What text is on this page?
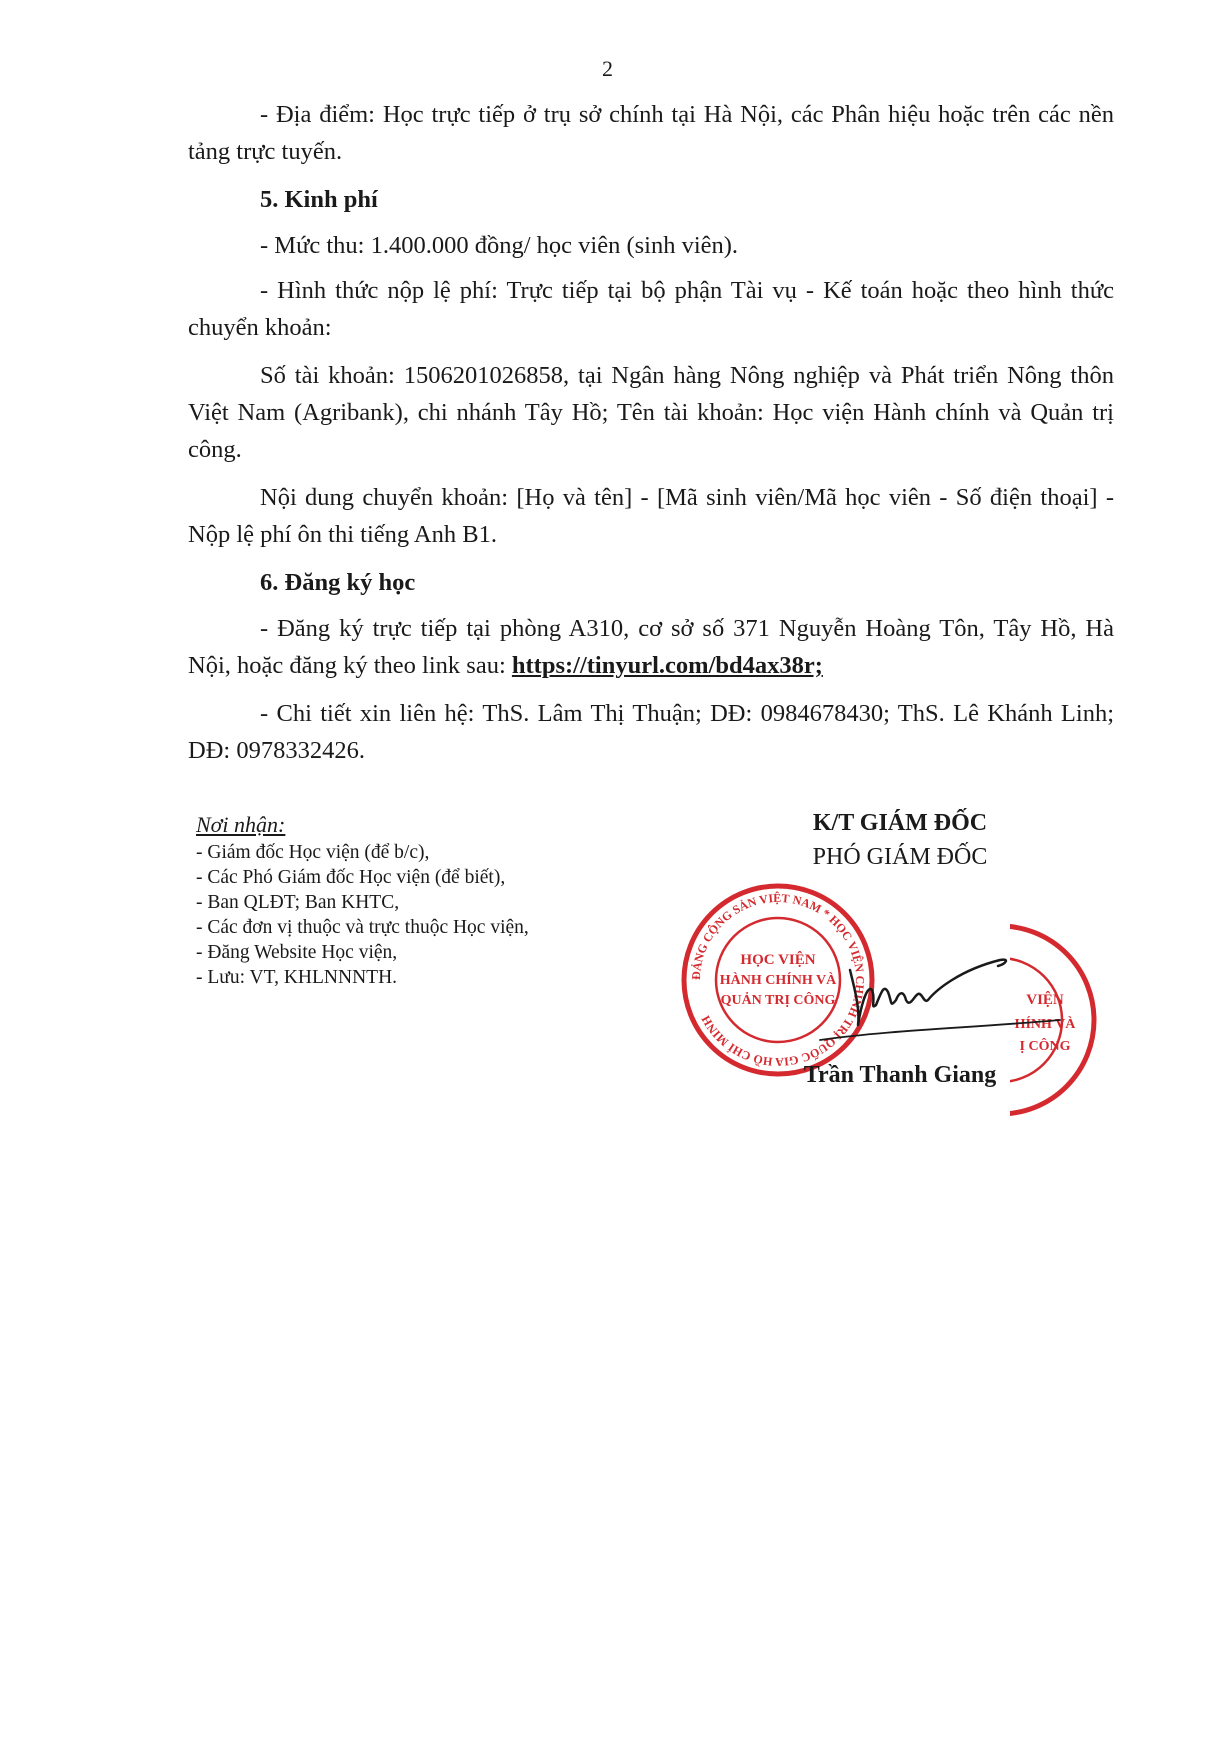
2

- Địa điểm: Học trực tiếp ở trụ sở chính tại Hà Nội, các Phân hiệu hoặc trên các nền tảng trực tuyến.

5. Kinh phí

- Mức thu: 1.400.000 đồng/ học viên (sinh viên).

- Hình thức nộp lệ phí: Trực tiếp tại bộ phận Tài vụ - Kế toán hoặc theo hình thức chuyển khoản:

Số tài khoản: 1506201026858, tại Ngân hàng Nông nghiệp và Phát triển Nông thôn Việt Nam (Agribank), chi nhánh Tây Hồ; Tên tài khoản: Học viện Hành chính và Quản trị công.

Nội dung chuyển khoản: [Họ và tên] - [Mã sinh viên/Mã học viên - Số điện thoại] - Nộp lệ phí ôn thi tiếng Anh B1.

6. Đăng ký học

- Đăng ký trực tiếp tại phòng A310, cơ sở số 371 Nguyễn Hoàng Tôn, Tây Hồ, Hà Nội, hoặc đăng ký theo link sau: https://tinyurl.com/bd4ax38r;

- Chi tiết xin liên hệ: ThS. Lâm Thị Thuận; DĐ: 0984678430; ThS. Lê Khánh Linh; DĐ: 0978332426.

Nơi nhận:
- Giám đốc Học viện (để b/c),
- Các Phó Giám đốc Học viện (để biết),
- Ban QLĐT; Ban KHTC,
- Các đơn vị thuộc và trực thuộc Học viện,
- Đăng Website Học viện,
- Lưu: VT, KHLNNNTH.	ĐẢNG CỘNG SẢN VIỆT NAM * HỌC VIỆN CHÍNH TRỊ QUỐC GIA HỒ CHÍ MINH
HỌC VIỆN
HÀNH CHÍNH VÀ
QUẢN TRỊ CÔNG	VIỆN
HÍNH VÀ
Ị CÔNG
K/T GIÁM ĐỐC
PHÓ GIÁM ĐỐC
Trần Thanh Giang
